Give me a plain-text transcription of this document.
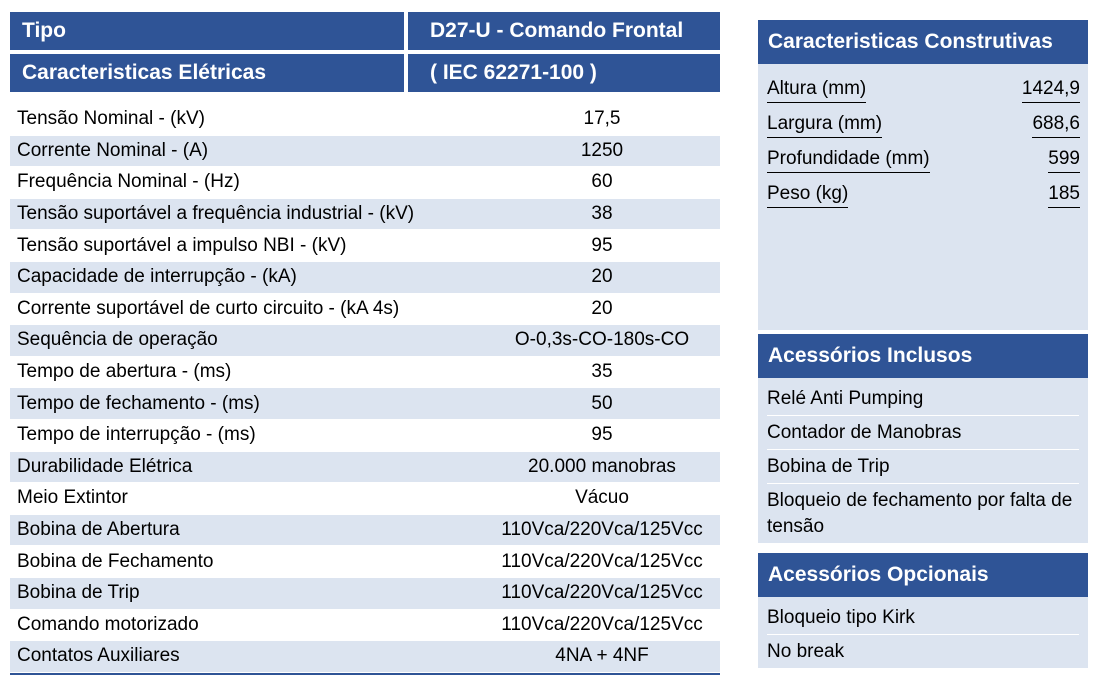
Tipo	D27-U - Comando Frontal
Caracteristicas Elétricas	( IEC 62271-100 )
Tensão Nominal - (kV)	17,5
Corrente Nominal - (A)	1250
Frequência Nominal - (Hz)	60
Tensão suportável a frequência industrial - (kV)	38
Tensão suportável a impulso NBI - (kV)	95
Capacidade de interrupção - (kA)	20
Corrente suportável de curto circuito - (kA 4s)	20
Sequência de operação	O-0,3s-CO-180s-CO
Tempo de abertura - (ms)	35
Tempo de fechamento - (ms)	50
Tempo de interrupção - (ms)	95
Durabilidade Elétrica	20.000 manobras
Meio Extintor	Vácuo
Bobina de Abertura	110Vca/220Vca/125Vcc
Bobina de Fechamento	110Vca/220Vca/125Vcc
Bobina de Trip	110Vca/220Vca/125Vcc
Comando motorizado	110Vca/220Vca/125Vcc
Contatos Auxiliares	4NA + 4NF
Caracteristicas Construtivas
Altura (mm)	1424,9
Largura (mm)	688,6
Profundidade (mm)	599
Peso (kg)	185
Acessórios Inclusos
Relé Anti Pumping
Contador de Manobras
Bobina de Trip
Bloqueio de fechamento por falta de tensão
Acessórios Opcionais
Bloqueio tipo Kirk
No break
